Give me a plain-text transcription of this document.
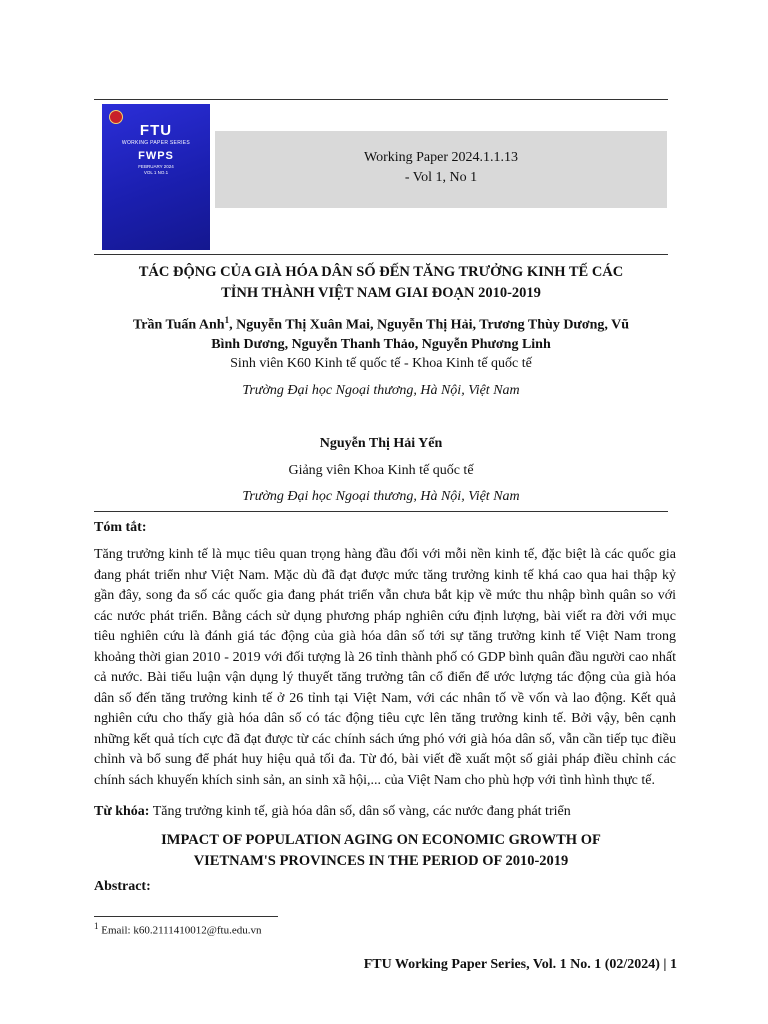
FTU
WORKING PAPER SERIES
FWPS
FEBRUARY 2024
VOL 1 NO.1
Working Paper 2024.1.1.13
- Vol 1, No 1
TÁC ĐỘNG CỦA GIÀ HÓA DÂN SỐ ĐẾN TĂNG TRƯỞNG KINH TẾ CÁC
TỈNH THÀNH VIỆT NAM GIAI ĐOẠN 2010-2019
Trần Tuấn Anh$^1$, Nguyễn Thị Xuân Mai, Nguyễn Thị Hải, Trương Thùy Dương, Vũ
Bình Dương, Nguyễn Thanh Thảo, Nguyễn Phương Linh
Sinh viên K60 Kinh tế quốc tế - Khoa Kinh tế quốc tế
Trường Đại học Ngoại thương, Hà Nội, Việt Nam
Nguyễn Thị Hải Yến
Giảng viên Khoa Kinh tế quốc tế
Trường Đại học Ngoại thương, Hà Nội, Việt Nam
Tóm tắt:
Tăng trưởng kinh tế là mục tiêu quan trọng hàng đầu đối với mỗi nền kinh tế, đặc biệt là các quốc gia đang phát triển như Việt Nam. Mặc dù đã đạt được mức tăng trưởng kinh tế khá cao qua hai thập kỷ gần đây, song đa số các quốc gia đang phát triển vẫn chưa bắt kịp về mức thu nhập bình quân so với các nước phát triển. Bằng cách sử dụng phương pháp nghiên cứu định lượng, bài viết ra đời với mục tiêu nghiên cứu là đánh giá tác động của già hóa dân số tới sự tăng trưởng kinh tế Việt Nam trong khoảng thời gian 2010 - 2019 với đối tượng là 26 tỉnh thành phố có GDP bình quân đầu người cao nhất cả nước. Bài tiểu luận vận dụng lý thuyết tăng trưởng tân cổ điển để ước lượng tác động của già hóa dân số đến tăng trưởng kinh tế ở 26 tỉnh tại Việt Nam, với các nhân tố về vốn và lao động. Kết quả nghiên cứu cho thấy già hóa dân số có tác động tiêu cực lên tăng trưởng kinh tế. Bởi vậy, bên cạnh những kết quả tích cực đã đạt được từ các chính sách ứng phó với già hóa dân số, vẫn cần tiếp tục điều chỉnh và bổ sung để phát huy hiệu quả tối đa. Từ đó, bài viết đề xuất một số giải pháp điều chỉnh các chính sách khuyến khích sinh sản, an sinh xã hội,... của Việt Nam cho phù hợp với tình hình thực tế.
Từ khóa: Tăng trưởng kinh tế, già hóa dân số, dân số vàng, các nước đang phát triển
IMPACT OF POPULATION AGING ON ECONOMIC GROWTH OF
VIETNAM'S PROVINCES IN THE PERIOD OF 2010-2019
Abstract:
$^1$ Email: k60.2111410012@ftu.edu.vn
FTU Working Paper Series, Vol. 1 No. 1 (02/2024) | 1
